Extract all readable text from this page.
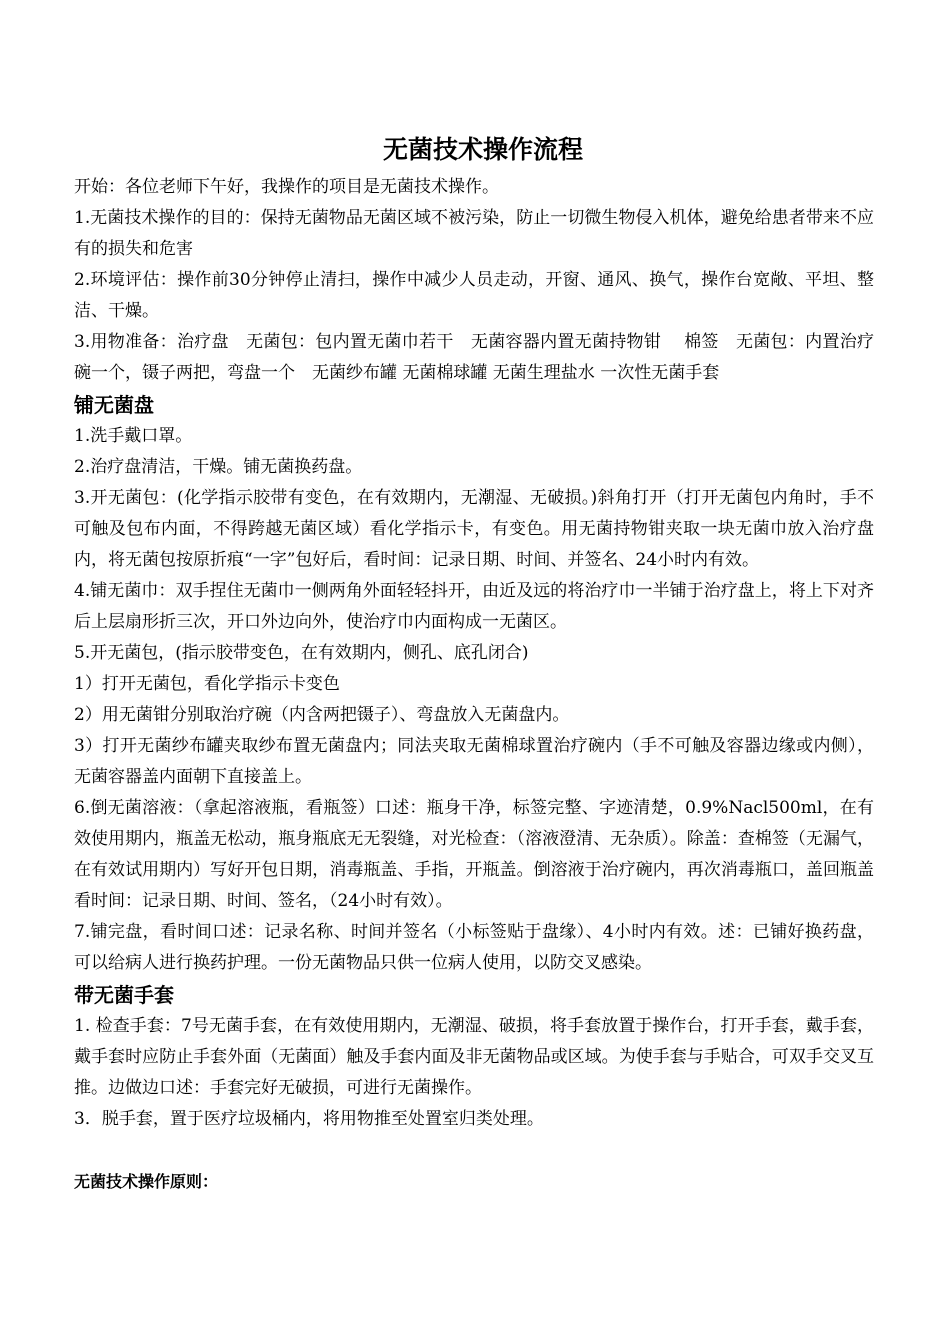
无菌技术操作流程

开始：各位老师下午好，我操作的项目是无菌技术操作。

1.无菌技术操作的目的：保持无菌物品无菌区域不被污染，防止一切微生物侵入机体，避免给患者带来不应有的损失和危害

2.环境评估：操作前30分钟停止清扫，操作中减少人员走动，开窗、通风、换气，操作台宽敞、平坦、整洁、干燥。

3.用物准备：治疗盘　无菌包：包内置无菌巾若干　无菌容器内置无菌持物钳　 棉签　无菌包：内置治疗碗一个，镊子两把，弯盘一个　无菌纱布罐 无菌棉球罐 无菌生理盐水 一次性无菌手套

铺无菌盘

1.洗手戴口罩。

2.治疗盘清洁，干燥。铺无菌换药盘。

3.开无菌包：(化学指示胶带有变色，在有效期内，无潮湿、无破损。)斜角打开（打开无菌包内角时，手不可触及包布内面，不得跨越无菌区域）看化学指示卡，有变色。用无菌持物钳夹取一块无菌巾放入治疗盘内，将无菌包按原折痕“一字”包好后，看时间：记录日期、时间、并签名、24小时内有效。

4.铺无菌巾：双手捏住无菌巾一侧两角外面轻轻抖开，由近及远的将治疗巾一半铺于治疗盘上，将上下对齐后上层扇形折三次，开口外边向外，使治疗巾内面构成一无菌区。

5.开无菌包，(指示胶带变色，在有效期内，侧孔、底孔闭合)

1）打开无菌包，看化学指示卡变色

2）用无菌钳分别取治疗碗（内含两把镊子）、弯盘放入无菌盘内。

3）打开无菌纱布罐夹取纱布置无菌盘内；同法夹取无菌棉球置治疗碗内（手不可触及容器边缘或内侧），无菌容器盖内面朝下直接盖上。

6.倒无菌溶液：（拿起溶液瓶，看瓶签）口述：瓶身干净，标签完整、字迹清楚，0.9%Nacl500ml，在有效使用期内，瓶盖无松动，瓶身瓶底无无裂缝，对光检查：（溶液澄清、无杂质）。除盖：查棉签（无漏气，在有效试用期内）写好开包日期，消毒瓶盖、手指，开瓶盖。倒溶液于治疗碗内，再次消毒瓶口，盖回瓶盖看时间：记录日期、时间、签名，（24小时有效）。

7.铺完盘，看时间口述：记录名称、时间并签名（小标签贴于盘缘）、4小时内有效。述：已铺好换药盘，可以给病人进行换药护理。一份无菌物品只供一位病人使用，以防交叉感染。

带无菌手套

1. 检查手套：7号无菌手套，在有效使用期内，无潮湿、破损，将手套放置于操作台，打开手套，戴手套，戴手套时应防止手套外面（无菌面）触及手套内面及非无菌物品或区域。为使手套与手贴合，可双手交叉互推。边做边口述：手套完好无破损，可进行无菌操作。

3．脱手套，置于医疗垃圾桶内，将用物推至处置室归类处理。

无菌技术操作原则：
